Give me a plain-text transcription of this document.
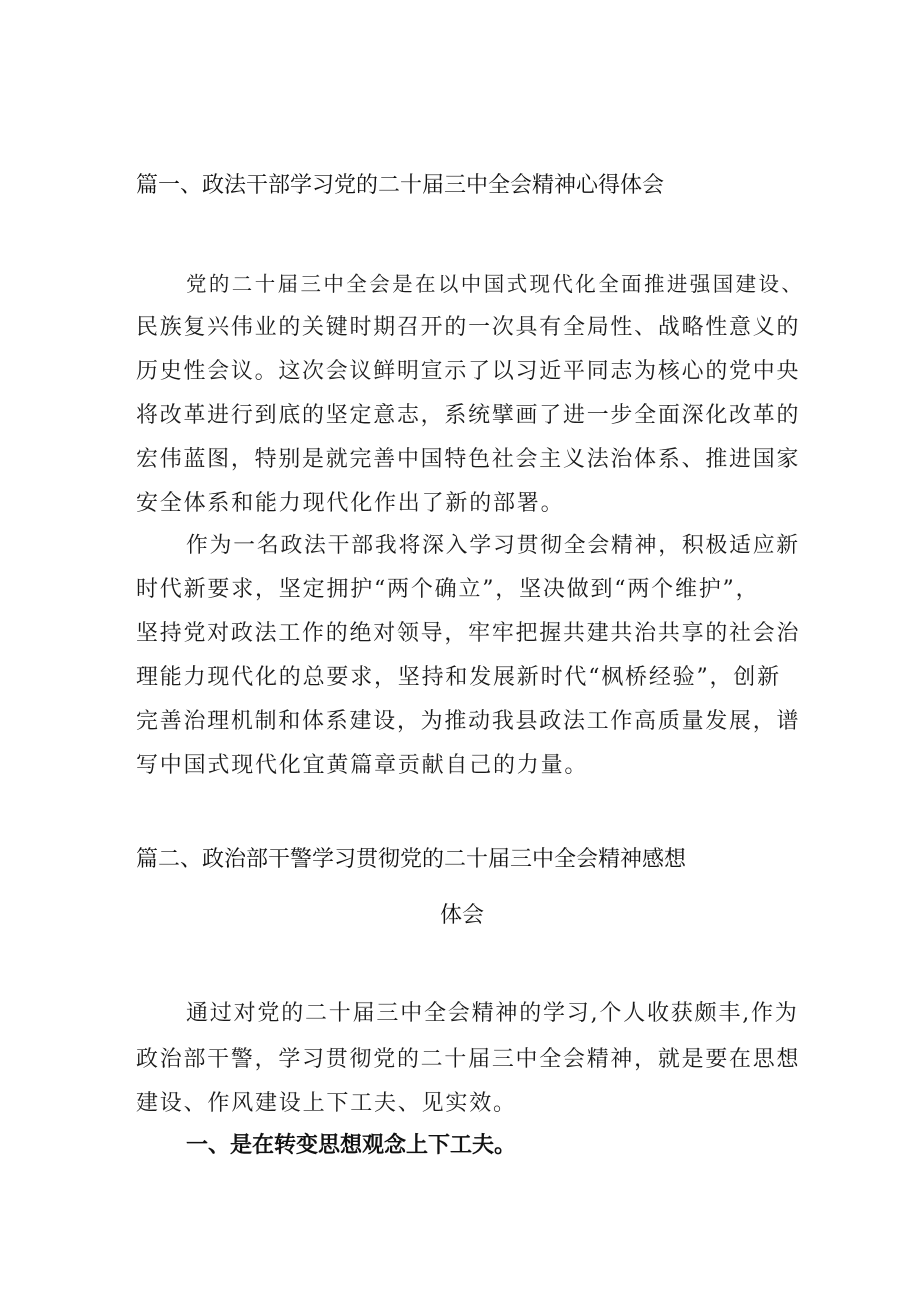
篇一、政法干部学习党的二十届三中全会精神心得体会

党的二十届三中全会是在以中国式现代化全面推进强国建设、

民族复兴伟业的关键时期召开的一次具有全局性、战略性意义的

历史性会议。这次会议鲜明宣示了以习近平同志为核心的党中央

将改革进行到底的坚定意志，系统擘画了进一步全面深化改革的

宏伟蓝图，特别是就完善中国特色社会主义法治体系、推进国家

安全体系和能力现代化作出了新的部署。

作为一名政法干部我将深入学习贯彻全会精神，积极适应新

时代新要求，坚定拥护“两个确立”，坚决做到“两个维护”，

坚持党对政法工作的绝对领导，牢牢把握共建共治共享的社会治

理能力现代化的总要求，坚持和发展新时代“枫桥经验”，创新

完善治理机制和体系建设，为推动我县政法工作高质量发展，谱

写中国式现代化宜黄篇章贡献自己的力量。

篇二、政治部干警学习贯彻党的二十届三中全会精神感想
体会

通过对党的二十届三中全会精神的学习,个人收获颇丰,作为

政治部干警，学习贯彻党的二十届三中全会精神，就是要在思想

建设、作风建设上下工夫、见实效。

一、是在转变思想观念上下工夫。
